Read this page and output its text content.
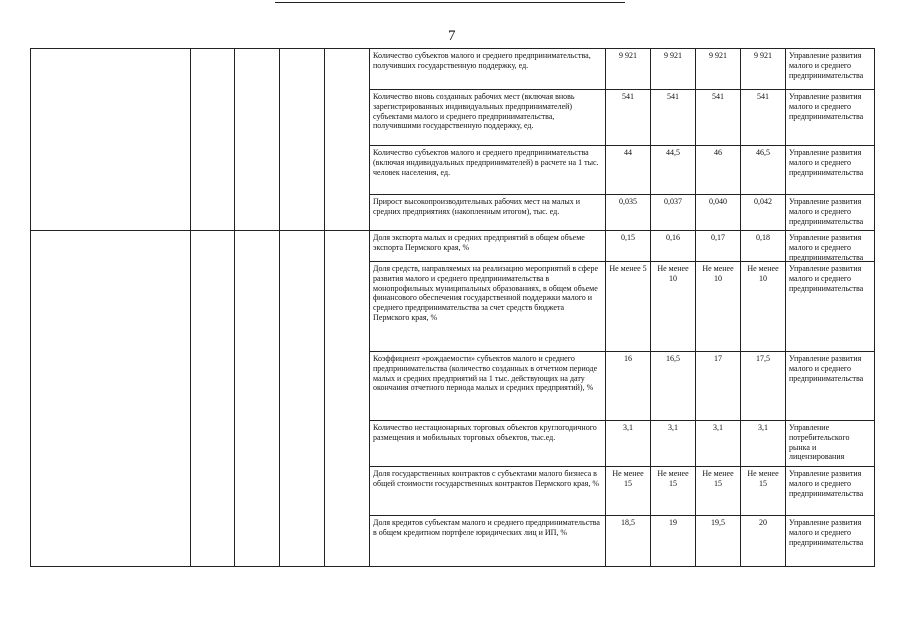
7
Количество субъектов малого и среднего предпринимательства, получивших государственную поддержку, ед.	9 921	9 921	9 921	9 921	Управление развития малого и среднего предпринимательства
Количество вновь созданных рабочих мест (включая вновь зарегистрированных индивидуальных предпринимателей) субъектами малого и среднего предпринимательства, получившими государственную поддержку, ед.	541	541	541	541	Управление развития малого и среднего предпринимательства
Количество субъектов малого и среднего предпринимательства (включая индивидуальных предпринимателей) в расчете на 1 тыс. человек населения, ед.	44	44,5	46	46,5	Управление развития малого и среднего предпринимательства
Прирост высокопроизводительных рабочих мест на малых и средних предприятиях (накопленным итогом), тыс. ед.	0,035	0,037	0,040	0,042	Управление развития малого и среднего предпринимательства
Доля экспорта малых и средних предприятий в общем объеме экспорта Пермского края, %	0,15	0,16	0,17	0,18	Управление развития малого и среднего предпринимательства
Доля средств, направляемых на реализацию мероприятий в сфере развития малого и среднего предпринимательства в монопрофильных муниципальных образованиях, в общем объеме финансового обеспечения государственной поддержки малого и среднего предпринимательства за счет средств бюджета Пермского края, %	Не менее 5	Не менее 10	Не менее 10	Не менее 10	Управление развития малого и среднего предпринимательства
Коэффициент «рождаемости» субъектов малого и среднего предпринимательства (количество созданных в отчетном периоде малых и средних предприятий на 1 тыс. действующих на дату окончания отчетного периода малых и средних предприятий), %	16	16,5	17	17,5	Управление развития малого и среднего предпринимательства
Количество нестационарных торговых объектов круглогодичного размещения и мобильных торговых объектов, тыс.ед.	3,1	3,1	3,1	3,1	Управление потребительского рынка и лицензирования
Доля государственных контрактов с субъектами малого бизнеса в общей стоимости государственных контрактов Пермского края, %	Не менее 15	Не менее 15	Не менее 15	Не менее 15	Управление развития малого и среднего предпринимательства
Доля кредитов субъектам малого и среднего предпринимательства в общем кредитном портфеле юридических лиц и ИП, %	18,5	19	19,5	20	Управление развития малого и среднего предпринимательства
